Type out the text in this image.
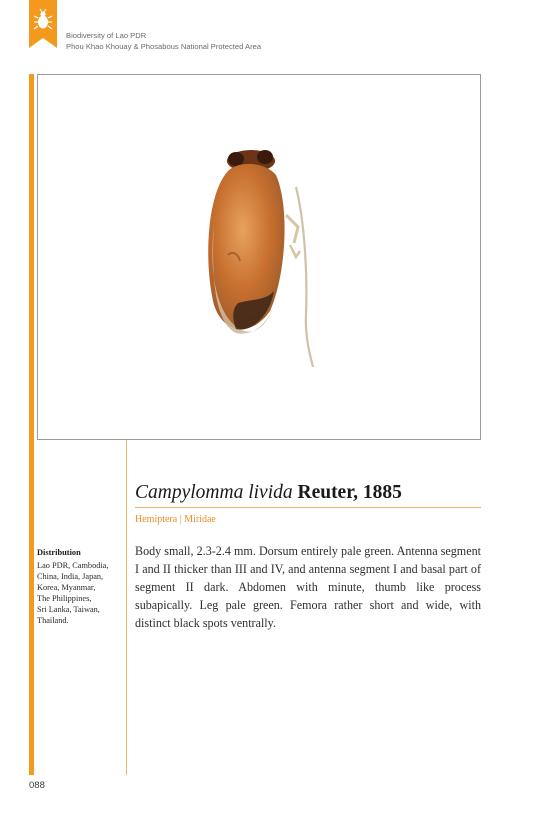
Biodiversity of Lao PDR
Phou Khao Khouay & Phosabous National Protected Area
Campylomma livida Reuter, 1885
Hemiptera | Miridae
Distribution
Lao PDR, Cambodia,
China, India, Japan,
Korea, Myanmar,
The Philippines,
Sri Lanka, Taiwan,
Thailand.

Body small, 2.3-2.4 mm. Dorsum entirely pale green. Antenna segment I and II thicker than III and IV, and antenna segment I and basal part of segment II dark. Abdomen with minute, thumb like process subapically. Leg pale green. Femora rather short and wide, with distinct black spots ventrally.

088
